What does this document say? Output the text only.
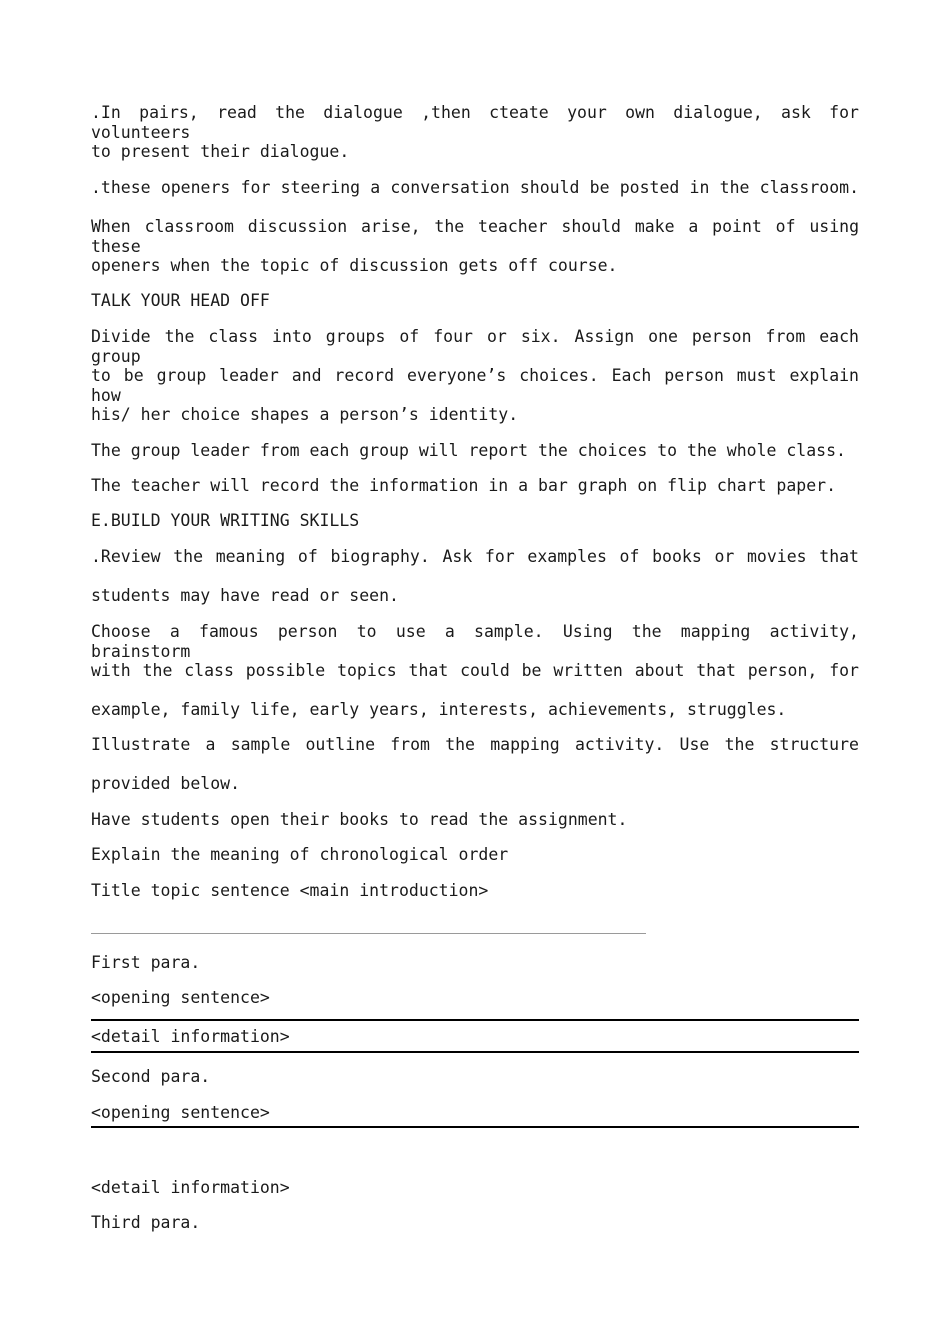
.In pairs, read the dialogue ,then cteate your own dialogue, ask for volunteers
to present their dialogue.
.these openers for steering a conversation should be posted in the classroom.
When classroom discussion arise, the teacher should make a point of using these
openers when the topic of discussion gets off course.
TALK YOUR HEAD OFF
Divide the class into groups of four or six. Assign one person from each group
to be group leader and record everyone’s choices. Each person must explain how
his/ her choice shapes a person’s identity.
The group leader from each group will report the choices to the whole class.
The teacher will record the information in a bar graph on flip chart paper.
E.BUILD YOUR WRITING SKILLS
.Review the meaning of biography. Ask for examples of books or movies that
students may have read or seen.
Choose a famous person to use a sample. Using the mapping activity, brainstorm
with the class possible topics that could be written about that person, for
example, family life, early years, interests, achievements, struggles.
Illustrate a sample outline from the mapping activity. Use the structure
provided below.
Have students open their books to read the assignment.
Explain the meaning of chronological order
Title topic sentence <main introduction>
First para.
<opening sentence>
<detail information>
Second para.
<opening sentence>
<detail information>
Third para.
